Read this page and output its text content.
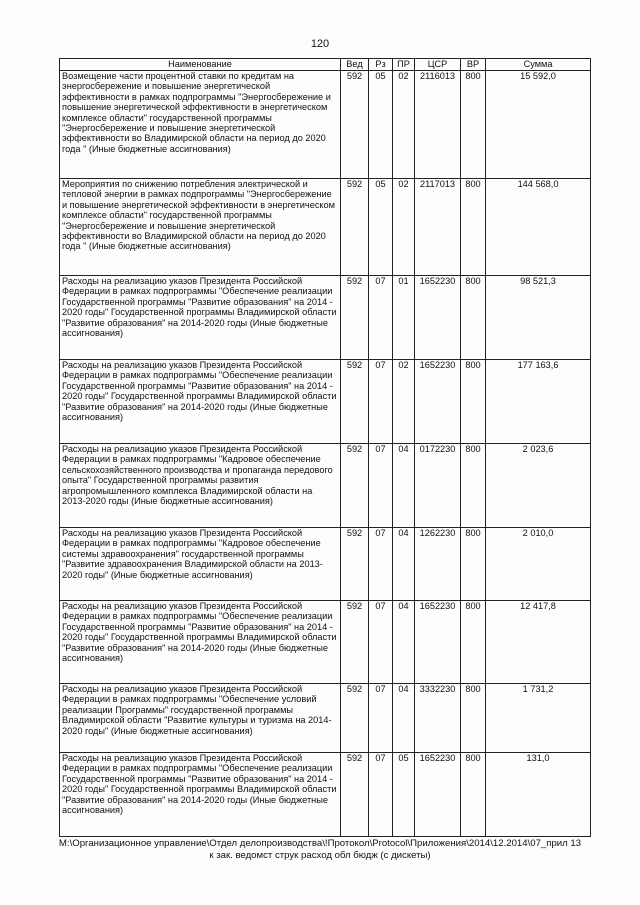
120
Наименование	Вед	Рз	ПР	ЦСР	ВР	Сумма
Возмещение части процентной ставки по кредитам на энергосбережение и повышение энергетической эффективности в рамках подпрограммы "Энергосбережение и повышение энергетической эффективности в энергетическом комплексе области" государственной программы "Энергосбережение и повышение энергетической эффективности во Владимирской области на период до 2020 года " (Иные бюджетные ассигнования)	592	05	02	2116013	800	15 592,0
Мероприятия по снижению потребления электрической и тепловой энергии в рамках подпрограммы "Энергосбережение и повышение энергетической эффективности в энергетическом комплексе области" государственной программы "Энергосбережение и повышение энергетической эффективности во Владимирской области на период до 2020 года " (Иные бюджетные ассигнования)	592	05	02	2117013	800	144 568,0
Расходы на реализацию указов Президента Российской Федерации в рамках подпрограммы "Обеспечение реализации Государственной программы "Развитие образования" на 2014 - 2020 годы" Государственной программы Владимирской области "Развитие образования" на 2014-2020 годы (Иные бюджетные ассигнования)	592	07	01	1652230	800	98 521,3
Расходы на реализацию указов Президента Российской Федерации в рамках подпрограммы "Обеспечение реализации Государственной программы "Развитие образования" на 2014 - 2020 годы" Государственной программы Владимирской области "Развитие образования" на 2014-2020 годы (Иные бюджетные ассигнования)	592	07	02	1652230	800	177 163,6
Расходы на реализацию указов Президента Российской Федерации в рамках подпрограммы "Кадровое обеспечение сельскохозяйственного производства и пропаганда передового опыта" Государственной программы развития агропромышленного комплекса Владимирской области на 2013-2020 годы (Иные бюджетные ассигнования)	592	07	04	0172230	800	2 023,6
Расходы на реализацию указов Президента Российской Федерации в рамках подпрограммы "Кадровое обеспечение системы здравоохранения" государственной программы "Развитие здравоохранения Владимирской области на 2013-2020 годы" (Иные бюджетные ассигнования)	592	07	04	1262230	800	2 010,0
Расходы на реализацию указов Президента Российской Федерации в рамках подпрограммы "Обеспечение реализации Государственной программы "Развитие образования" на 2014 - 2020 годы" Государственной программы Владимирской области "Развитие образования" на 2014-2020 годы (Иные бюджетные ассигнования)	592	07	04	1652230	800	12 417,8
Расходы на реализацию указов Президента Российской Федерации в рамках подпрограммы "Обеспечение условий реализации Программы" государственной программы Владимирской области "Развитие культуры и туризма на 2014-2020 годы" (Иные бюджетные ассигнования)	592	07	04	3332230	800	1 731,2
Расходы на реализацию указов Президента Российской Федерации в рамках подпрограммы "Обеспечение реализации Государственной программы "Развитие образования" на 2014 - 2020 годы" Государственной программы Владимирской области "Развитие образования" на 2014-2020 годы (Иные бюджетные ассигнования)	592	07	05	1652230	800	131,0
M:\Организационное управление\Отдел делопроизводства\!Протокол\Protocol\Приложения\2014\12.2014\07_прил 13
к зак. ведомст струк расход обл бюдж (с дискеты)
